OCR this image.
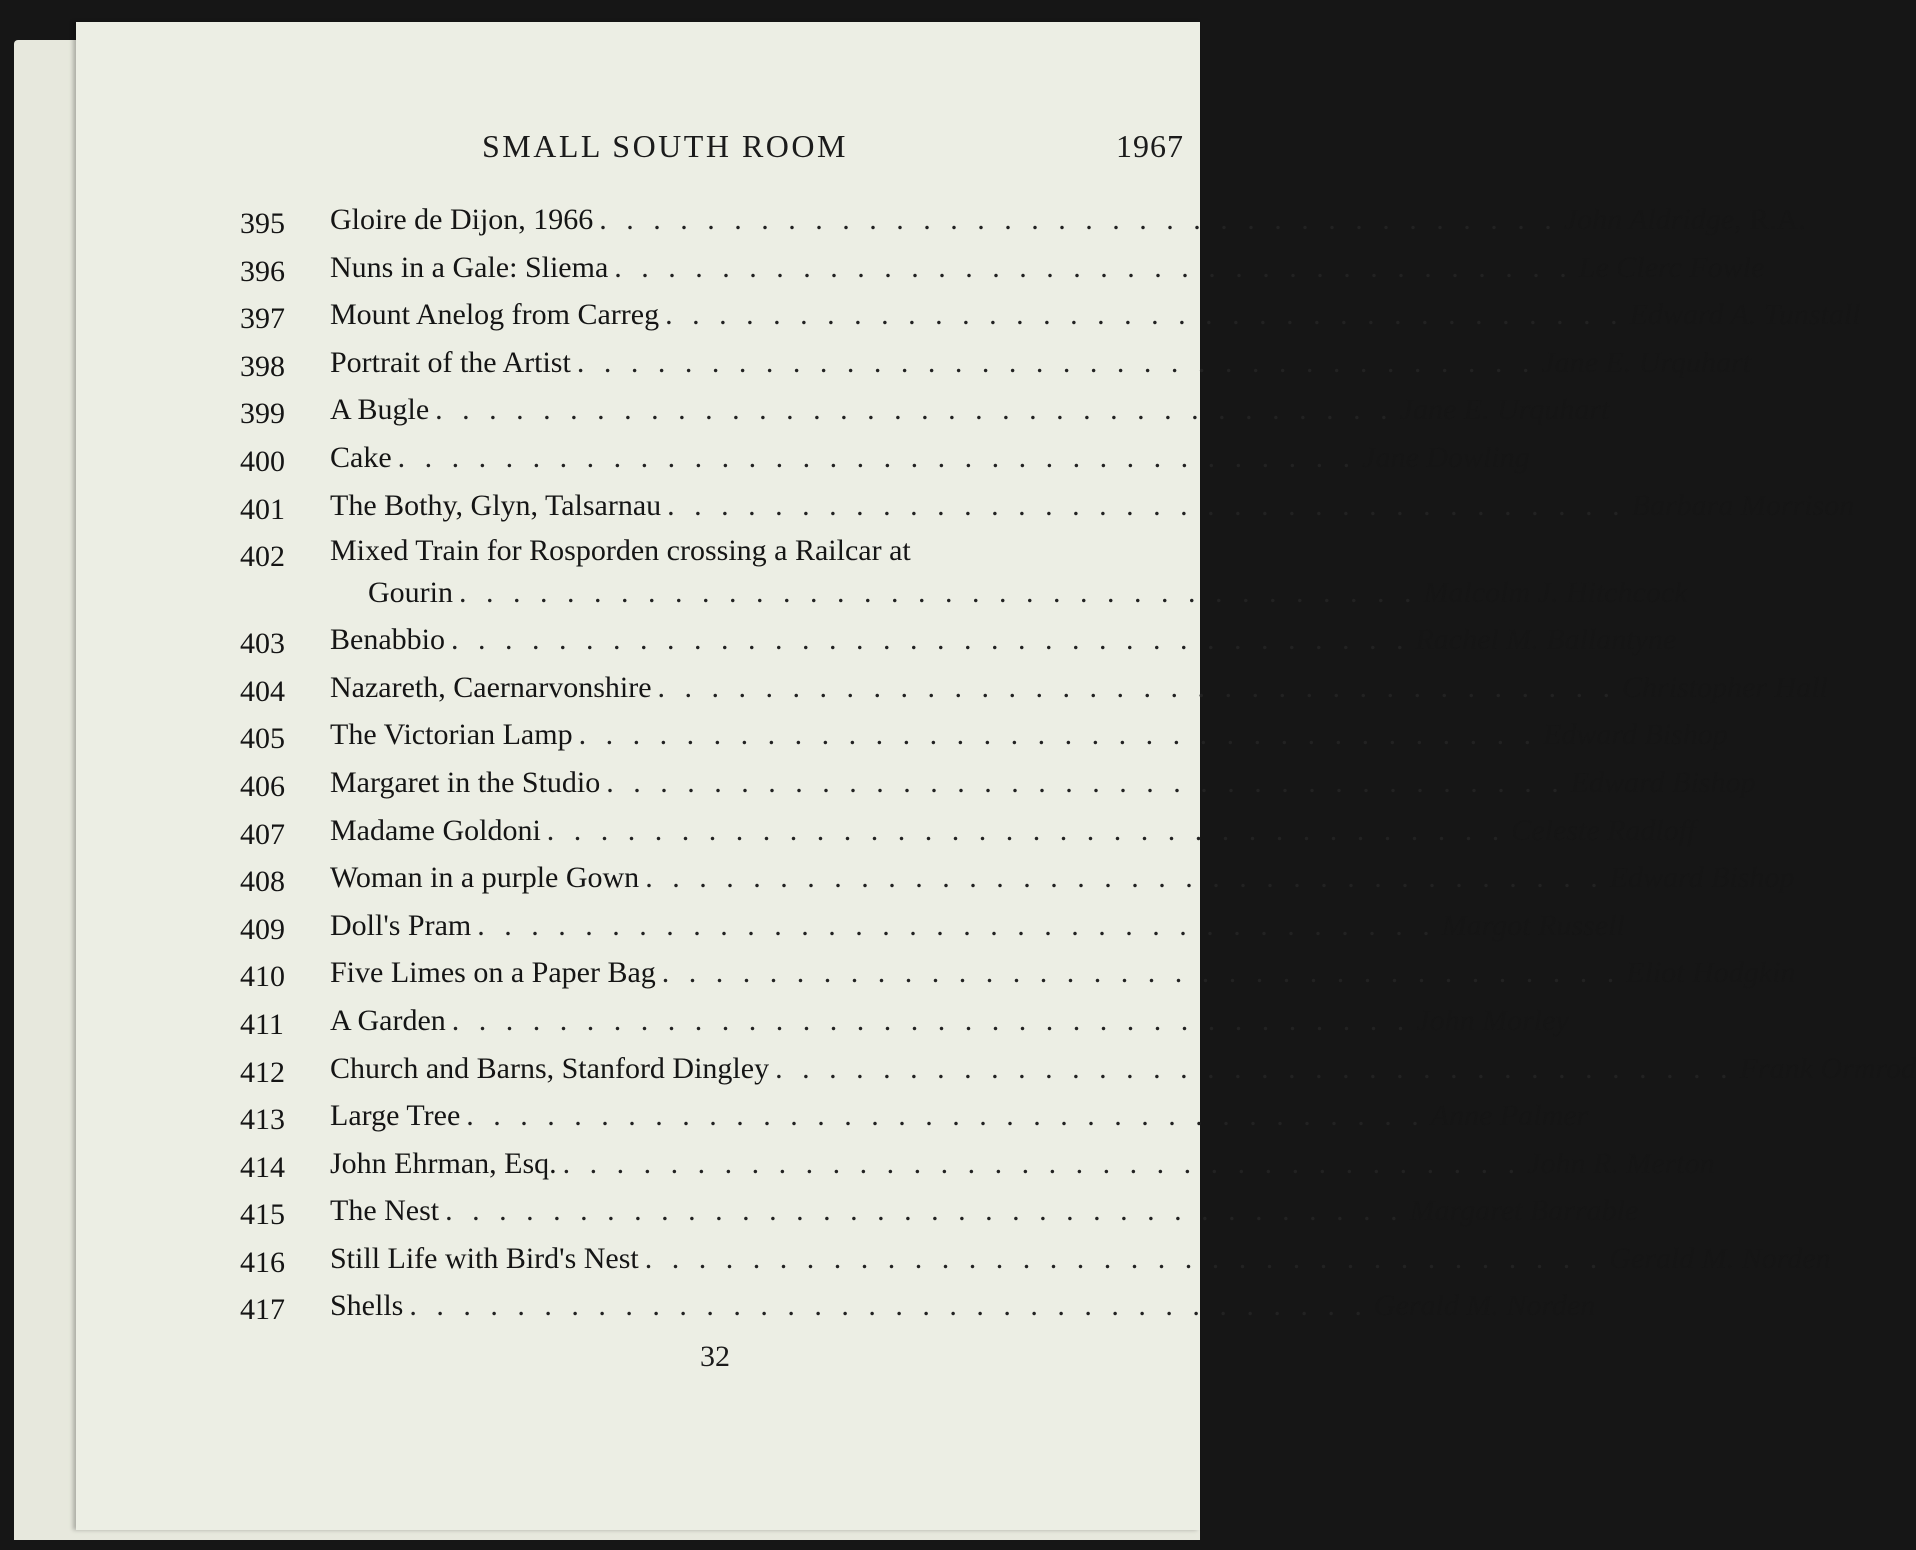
SMALL SOUTH ROOM	1967
395	Gloire de Dijon, 1966 . . . . . . . . . . . . . . . . . . . . . . . . . . . . . . . . . . . . John Aldridge, R.A.
396	Nuns in a Gale: Sliema . . . . . . . . . . . . . . . . . . . . . . . . . . . . . . . . . . . . Le Clerc Fowle
397	Mount Anelog from Carreg . . . . . . . . . . . . . . . . . . . . . . . . . . . . . . . . . . . . Edward A. Tunstall
398	Portrait of the Artist . . . . . . . . . . . . . . . . . . . . . . . . . . . . . . . . . . . . Jane E. Urquhart
399	A Bugle . . . . . . . . . . . . . . . . . . . . . . . . . . . . . . . . . . . . Jane E. Urquhart
400	Cake . . . . . . . . . . . . . . . . . . . . . . . . . . . . . . . . . . . . Jane Dowling
401	The Bothy, Glyn, Talsarnau . . . . . . . . . . . . . . . . . . . . . . . . . . . . . . . . . . . . Barbara Morrison
402	Mixed Train for Rosporden crossing a Railcar at
Gourin . . . . . . . . . . . . . . . . . . . . . . . . . . . . . . . . . . . . Malcolm J. Hitchcock
403	Benabbio . . . . . . . . . . . . . . . . . . . . . . . . . . . . . . . . . . . . Rachel M. Ballantyne
404	Nazareth, Caernarvonshire . . . . . . . . . . . . . . . . . . . . . . . . . . . . . . . . . . . . Christopher Hall
405	The Victorian Lamp . . . . . . . . . . . . . . . . . . . . . . . . . . . . . . . . . . . . Edward Bishop
406	Margaret in the Studio . . . . . . . . . . . . . . . . . . . . . . . . . . . . . . . . . . . . Edward Bishop
407	Madame Goldoni . . . . . . . . . . . . . . . . . . . . . . . . . . . . . . . . . . . . Celeste Radloff
408	Woman in a purple Gown . . . . . . . . . . . . . . . . . . . . . . . . . . . . . . . . . . . . Edward Bishop
409	Doll's Pram . . . . . . . . . . . . . . . . . . . . . . . . . . . . . . . . . . . . Margot Russell
410	Five Limes on a Paper Bag . . . . . . . . . . . . . . . . . . . . . . . . . . . . . . . . . . . . Eliot Hodgkin
411	A Garden . . . . . . . . . . . . . . . . . . . . . . . . . . . . . . . . . . . . John Morley
412	Church and Barns, Stanford Dingley . . . . . . . . . . . . . . . . . . . . . . . . . . . . . . . . . . . . Frank Ormrod
413	Large Tree . . . . . . . . . . . . . . . . . . . . . . . . . . . . . . . . . . . . Anne Palmer
414	John Ehrman, Esq. . . . . . . . . . . . . . . . . . . . . . . . . . . . . . . . . . . . . John R. Merton
415	The Nest . . . . . . . . . . . . . . . . . . . . . . . . . . . . . . . . . . . . Margaret Barrable
416	Still Life with Bird's Nest . . . . . . . . . . . . . . . . . . . . . . . . . . . . . . . . . . . . Gerald M. Norden
417	Shells . . . . . . . . . . . . . . . . . . . . . . . . . . . . . . . . . . . . Gerald M. Norden
32
